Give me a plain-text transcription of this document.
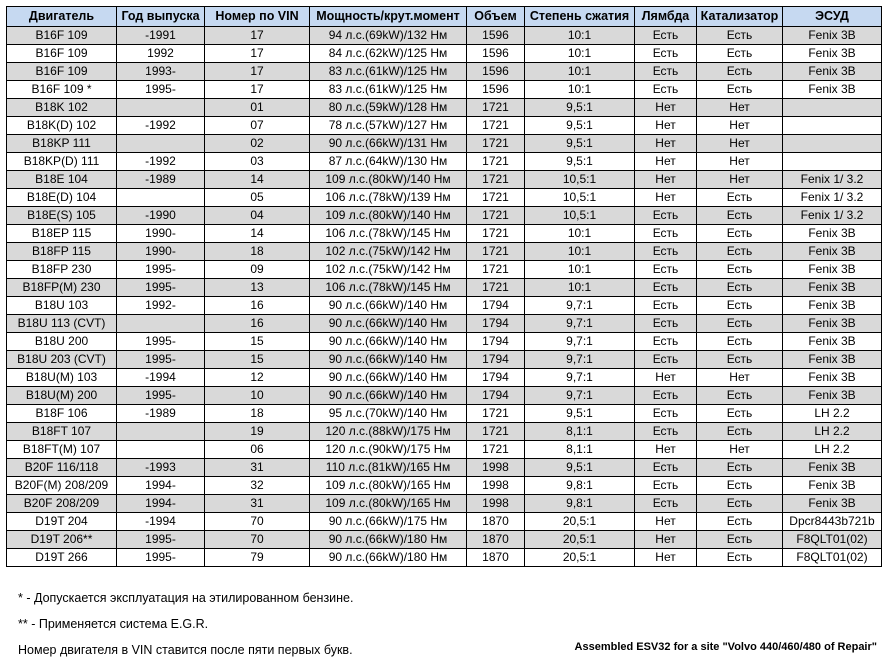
Двигатель	Год выпуска	Номер по VIN	Мощность/крут.момент	Объем	Степень сжатия	Лямбда	Катализатор	ЭСУД
B16F 109	-1991	17	94 л.с.(69kW)/132 Нм	1596	10:1	Есть	Есть	Fenix 3B
B16F 109	1992	17	84 л.с.(62kW)/125 Нм	1596	10:1	Есть	Есть	Fenix 3B
B16F 109	1993-	17	83 л.с.(61kW)/125 Нм	1596	10:1	Есть	Есть	Fenix 3B
B16F 109 *	1995-	17	83 л.с.(61kW)/125 Нм	1596	10:1	Есть	Есть	Fenix 3B
B18K 102		01	80 л.с.(59kW)/128 Нм	1721	9,5:1	Нет	Нет	
B18K(D) 102	-1992	07	78 л.с.(57kW)/127 Нм	1721	9,5:1	Нет	Нет	
B18KP 111		02	90 л.с.(66kW)/131 Нм	1721	9,5:1	Нет	Нет	
B18KP(D) 111	-1992	03	87 л.с.(64kW)/130 Нм	1721	9,5:1	Нет	Нет	
B18E 104	-1989	14	109 л.с.(80kW)/140 Нм	1721	10,5:1	Нет	Нет	Fenix 1/ 3.2
B18E(D) 104		05	106 л.с.(78kW)/139 Нм	1721	10,5:1	Нет	Есть	Fenix 1/ 3.2
B18E(S) 105	-1990	04	109 л.с.(80kW)/140 Нм	1721	10,5:1	Есть	Есть	Fenix 1/ 3.2
B18EP 115	1990-	14	106 л.с.(78kW)/145 Нм	1721	10:1	Есть	Есть	Fenix 3B
B18FP 115	1990-	18	102 л.с.(75kW)/142 Нм	1721	10:1	Есть	Есть	Fenix 3B
B18FP 230	1995-	09	102 л.с.(75kW)/142 Нм	1721	10:1	Есть	Есть	Fenix 3B
B18FP(M) 230	1995-	13	106 л.с.(78kW)/145 Нм	1721	10:1	Есть	Есть	Fenix 3B
B18U 103	1992-	16	90 л.с.(66kW)/140 Нм	1794	9,7:1	Есть	Есть	Fenix 3B
B18U 113 (CVT)		16	90 л.с.(66kW)/140 Нм	1794	9,7:1	Есть	Есть	Fenix 3B
B18U 200	1995-	15	90 л.с.(66kW)/140 Нм	1794	9,7:1	Есть	Есть	Fenix 3B
B18U 203 (CVT)	1995-	15	90 л.с.(66kW)/140 Нм	1794	9,7:1	Есть	Есть	Fenix 3B
B18U(M) 103	-1994	12	90 л.с.(66kW)/140 Нм	1794	9,7:1	Нет	Нет	Fenix 3B
B18U(M) 200	1995-	10	90 л.с.(66kW)/140 Нм	1794	9,7:1	Есть	Есть	Fenix 3B
B18F 106	-1989	18	95 л.с.(70kW)/140 Нм	1721	9,5:1	Есть	Есть	LH 2.2
B18FT 107		19	120 л.с.(88kW)/175 Нм	1721	8,1:1	Есть	Есть	LH 2.2
B18FT(M) 107		06	120 л.с.(90kW)/175 Нм	1721	8,1:1	Нет	Нет	LH 2.2
B20F 116/118	-1993	31	110 л.с.(81kW)/165 Нм	1998	9,5:1	Есть	Есть	Fenix 3B
B20F(M) 208/209	1994-	32	109 л.с.(80kW)/165 Нм	1998	9,8:1	Есть	Есть	Fenix 3B
B20F 208/209	1994-	31	109 л.с.(80kW)/165 Нм	1998	9,8:1	Есть	Есть	Fenix 3B
D19T 204	-1994	70	90 л.с.(66kW)/175 Нм	1870	20,5:1	Нет	Есть	Dpcr8443b721b
D19T 206**	1995-	70	90 л.с.(66kW)/180 Нм	1870	20,5:1	Нет	Есть	F8QLT01(02)
D19T 266	1995-	79	90 л.с.(66kW)/180 Нм	1870	20,5:1	Нет	Есть	F8QLT01(02)
* - Допускается эксплуатация на этилированном бензине.
** - Применяется система E.G.R.
Номер двигателя в VIN ставится после пяти первых букв.	Assembled ESV32 for a site "Volvo 440/460/480 of Repair"
